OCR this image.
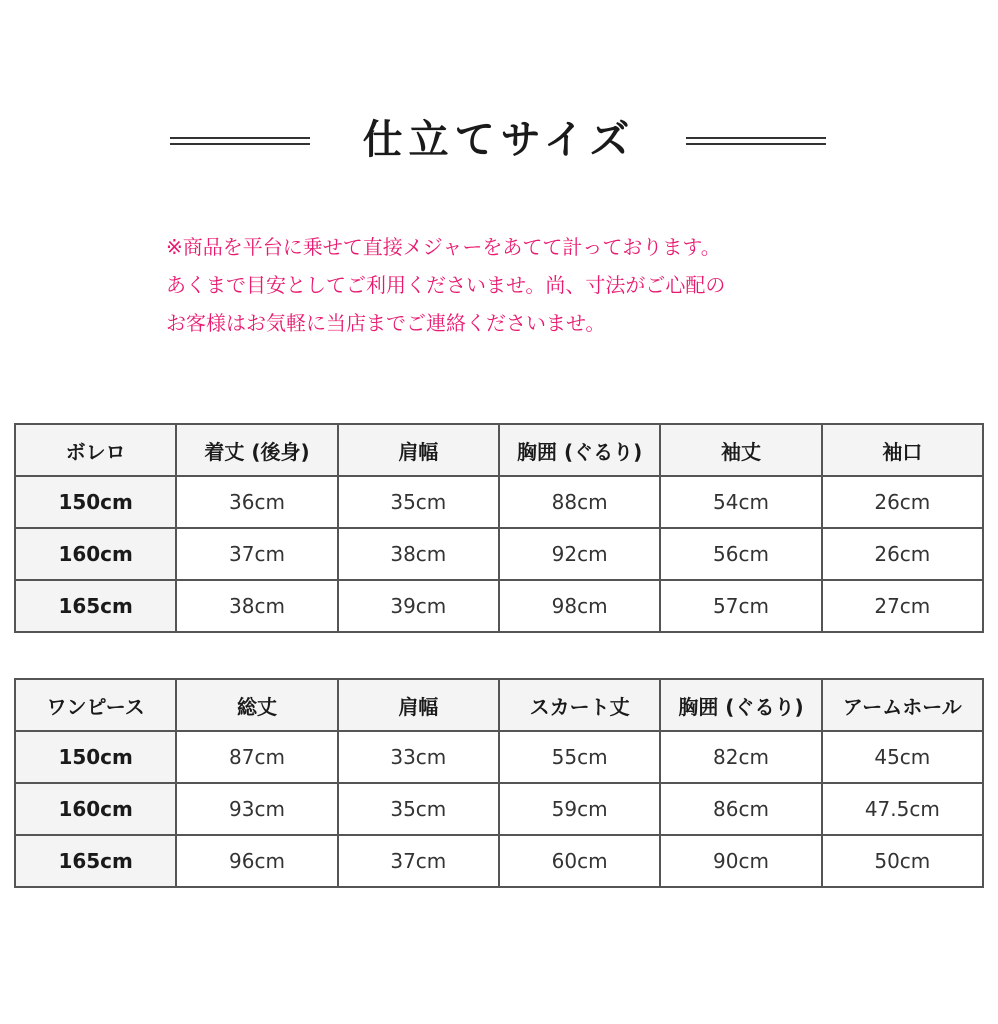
仕立てサイズ
※商品を平台に乗せて直接メジャーをあてて計っております。
あくまで目安としてご利用くださいませ。尚、寸法がご心配の
お客様はお気軽に当店までご連絡くださいませ。
ボレロ	着丈 (後身)	肩幅	胸囲 (ぐるり)	袖丈	袖口
150cm	36cm	35cm	88cm	54cm	26cm
160cm	37cm	38cm	92cm	56cm	26cm
165cm	38cm	39cm	98cm	57cm	27cm
ワンピース	総丈	肩幅	スカート丈	胸囲 (ぐるり)	アームホール
150cm	87cm	33cm	55cm	82cm	45cm
160cm	93cm	35cm	59cm	86cm	47.5cm
165cm	96cm	37cm	60cm	90cm	50cm
